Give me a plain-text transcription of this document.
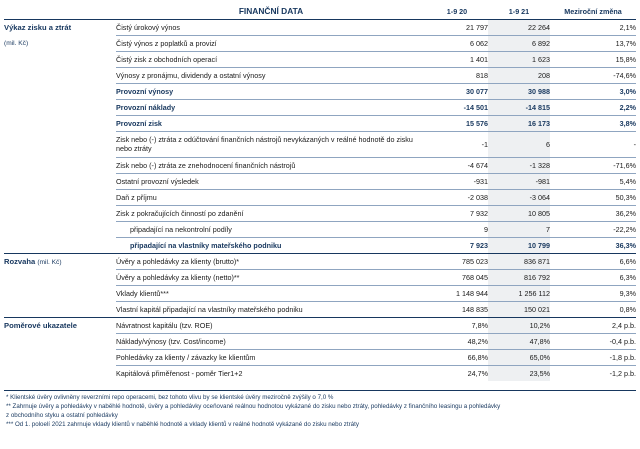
	FINANČNÍ DATA	1-9 20	1-9 21	Meziroční změna
Výkaz zisku a ztrát	Čistý úrokový výnos	21 797	22 264	2,1%
(mil. Kč)	Čistý výnos z poplatků a provizí	6 062	6 892	13,7%
	Čistý zisk z obchodních operací	1 401	1 623	15,8%
	Výnosy z pronájmu, dividendy a ostatní výnosy	818	208	-74,6%
	Provozní výnosy	30 077	30 988	3,0%
	Provozní náklady	-14 501	-14 815	2,2%
	Provozní zisk	15 576	16 173	3,8%
	Zisk nebo (-) ztráta z odúčtování finančních nástrojů nevykázaných v reálné hodnotě do zisku nebo ztráty	-1	6	-
	Zisk nebo (-) ztráta ze znehodnocení finančních nástrojů	-4 674	-1 328	-71,6%
	Ostatní provozní výsledek	-931	-981	5,4%
	Daň z příjmu	-2 038	-3 064	50,3%
	Zisk z pokračujících činností po zdanění	7 932	10 805	36,2%
	připadající na nekontrolní podíly	9	7	-22,2%
	připadající na vlastníky mateřského podniku	7 923	10 799	36,3%
Rozvaha (mil. Kč)	Úvěry a pohledávky za klienty (brutto)*	785 023	836 871	6,6%
	Úvěry a pohledávky za klienty (netto)**	768 045	816 792	6,3%
	Vklady klientů***	1 148 944	1 256 112	9,3%
	Vlastní kapitál připadající na vlastníky mateřského podniku	148 835	150 021	0,8%
Poměrové ukazatele	Návratnost kapitálu (tzv. ROE)	7,8%	10,2%	2,4 p.b.
	Náklady/výnosy (tzv. Cost/income)	48,2%	47,8%	-0,4 p.b.
	Pohledávky za klienty / závazky ke klientům	66,8%	65,0%	-1,8 p.b.
	Kapitálová přiměřenost - poměr Tier1+2	24,7%	23,5%	-1,2 p.b.
* Klientské úvěry ovlivněny reverzními repo operacemi, bez tohoto vlivu by se klientské úvěry meziročně zvýšily o 7,0 %
** Zahrnuje úvěry a pohledávky v naběhlé hodnotě, úvěry a pohledávky oceňované reálnou hodnotou vykázané do zisku nebo ztráty, pohledávky z finančního leasingu a pohledávky
z obchodního styku a ostatní pohledávky
*** Od 1. poloelí 2021 zahrnuje vklady klientů v naběhlé hodnotě a vklady klientů v reálné hodnotě vykázané do zisku nebo ztráty
